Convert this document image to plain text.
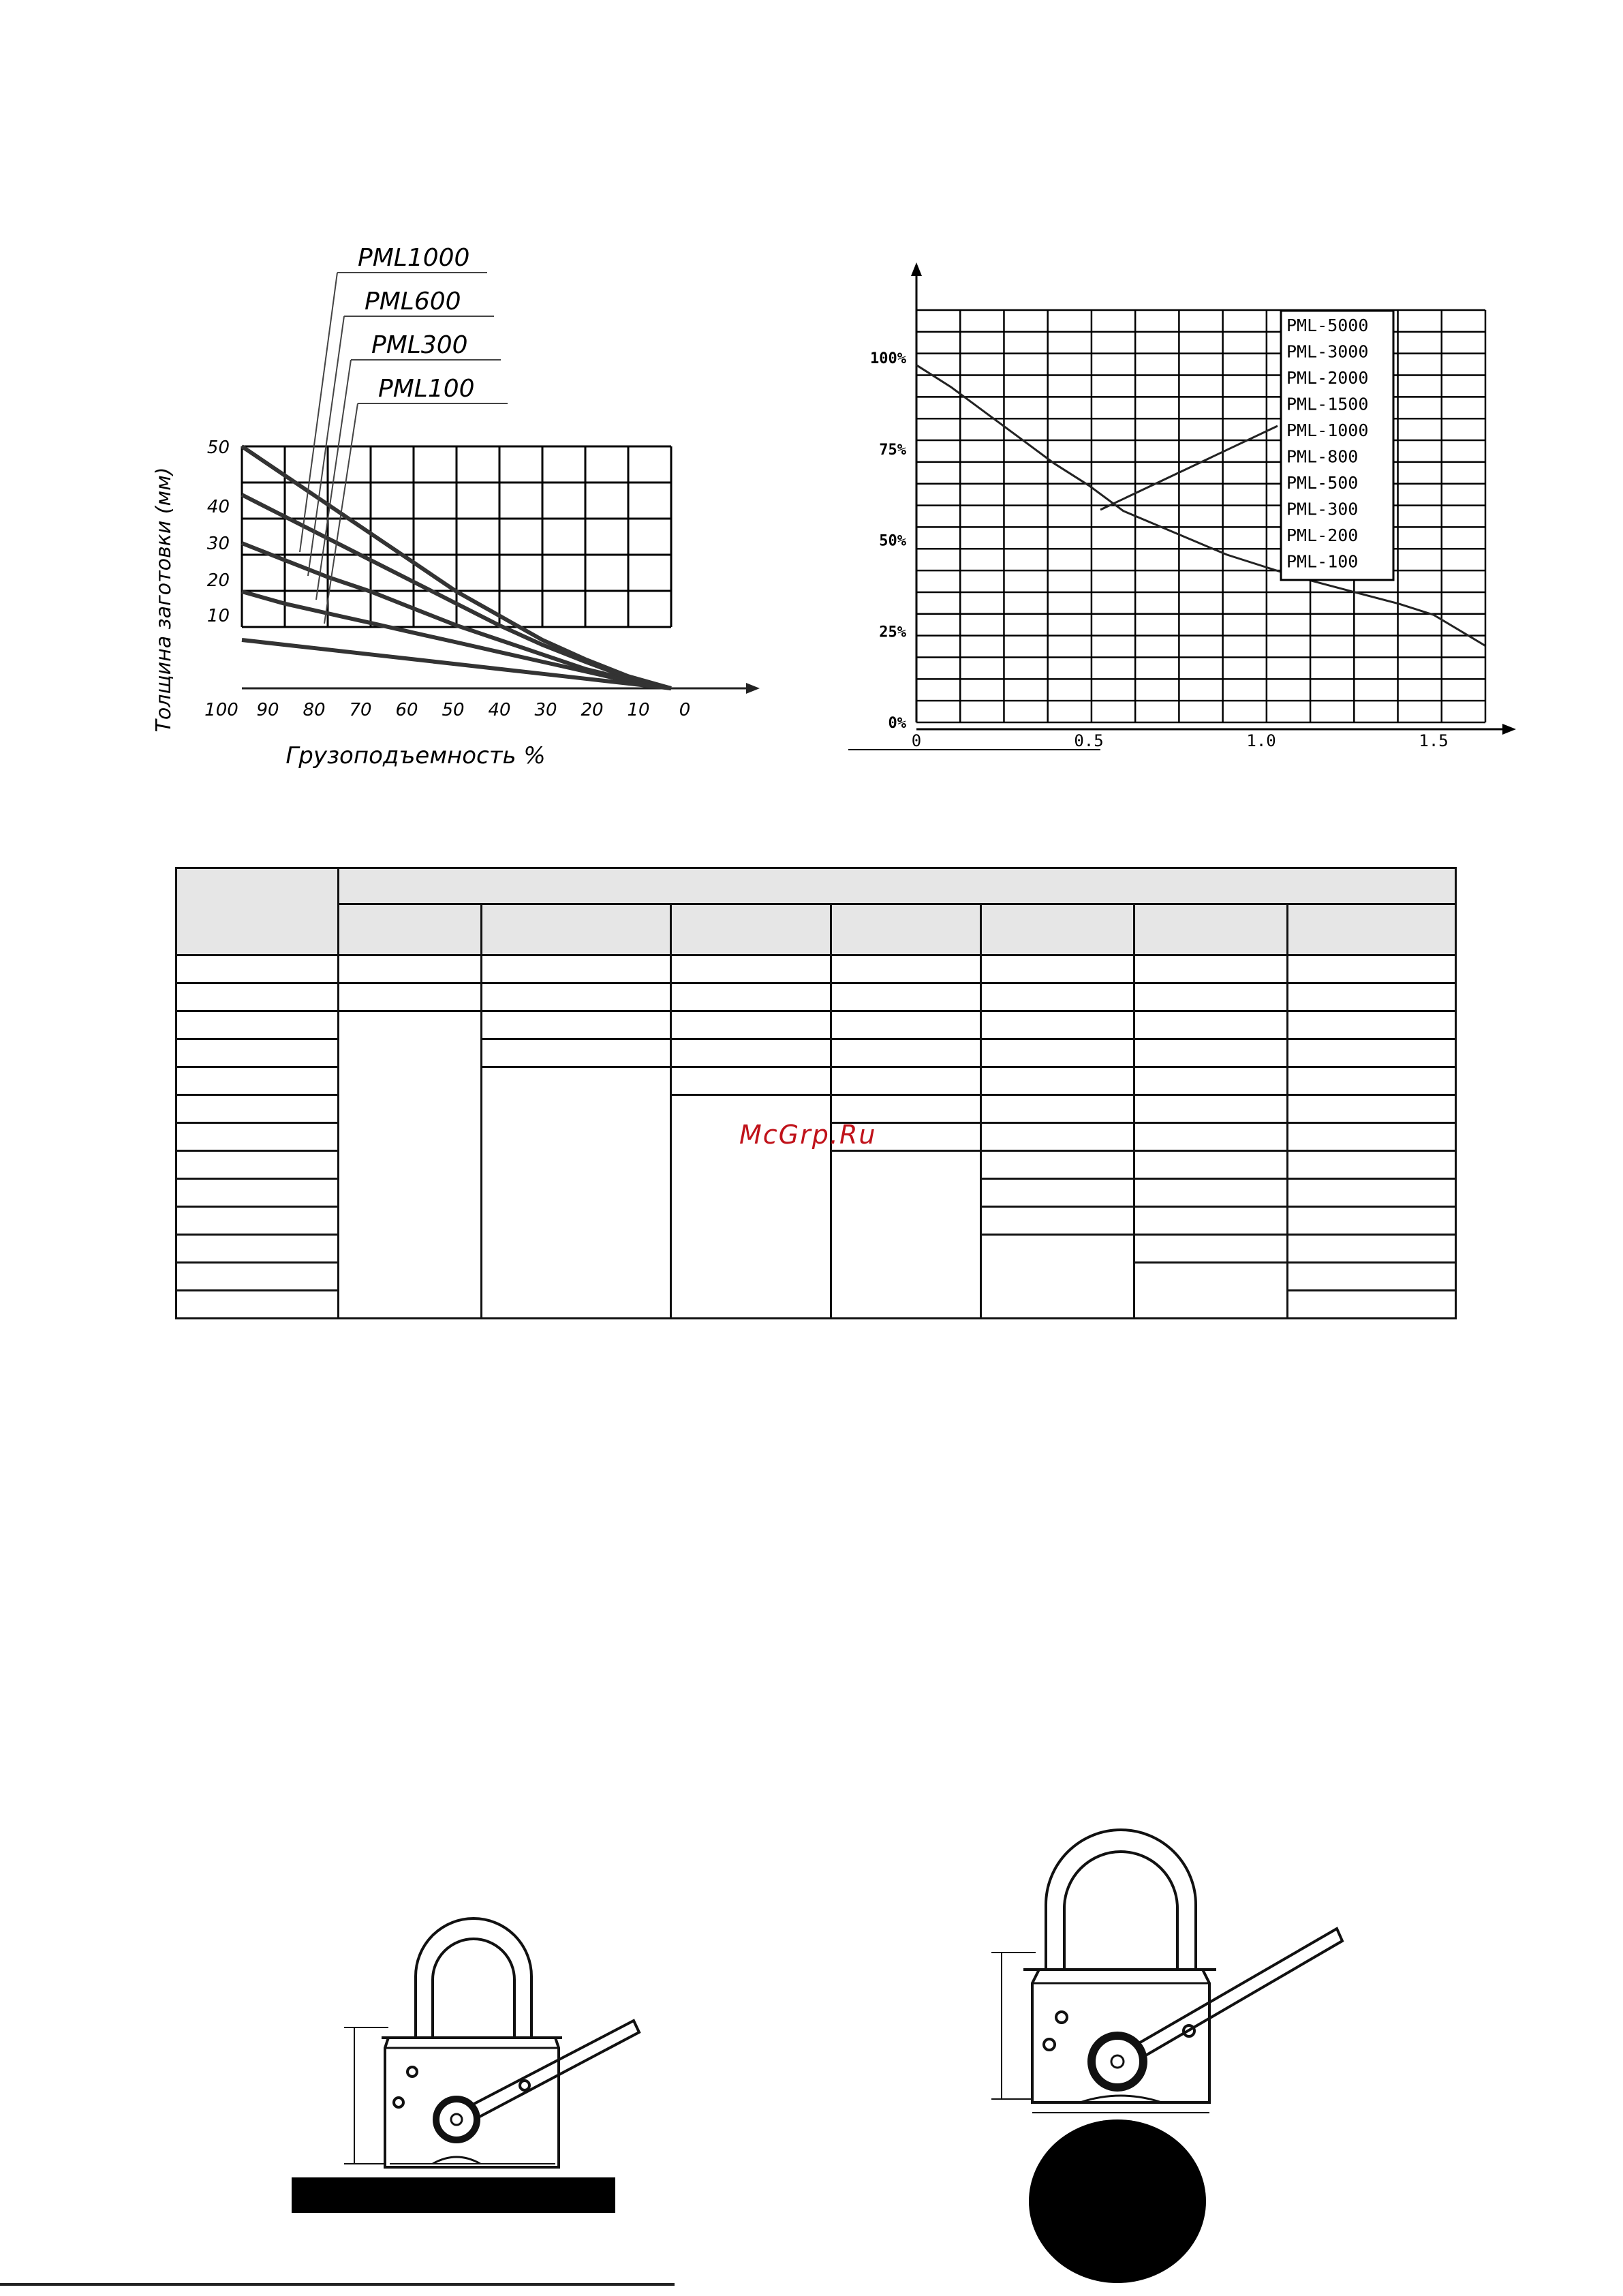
100 90 80 70 60 50 40 30 20 10 0
10
20
30
40
50
PML1000
PML600
PML300
PML100
Грузоподъемность %
Толщина заготовки (мм)
0	0.5	1.0	1.5
0%
25%
50%
75%
100%
PML-5000
PML-3000
PML-2000
PML-1500
PML-1000
PML-800
PML-500
PML-300
PML-200
PML-100

McGrp.Ru
